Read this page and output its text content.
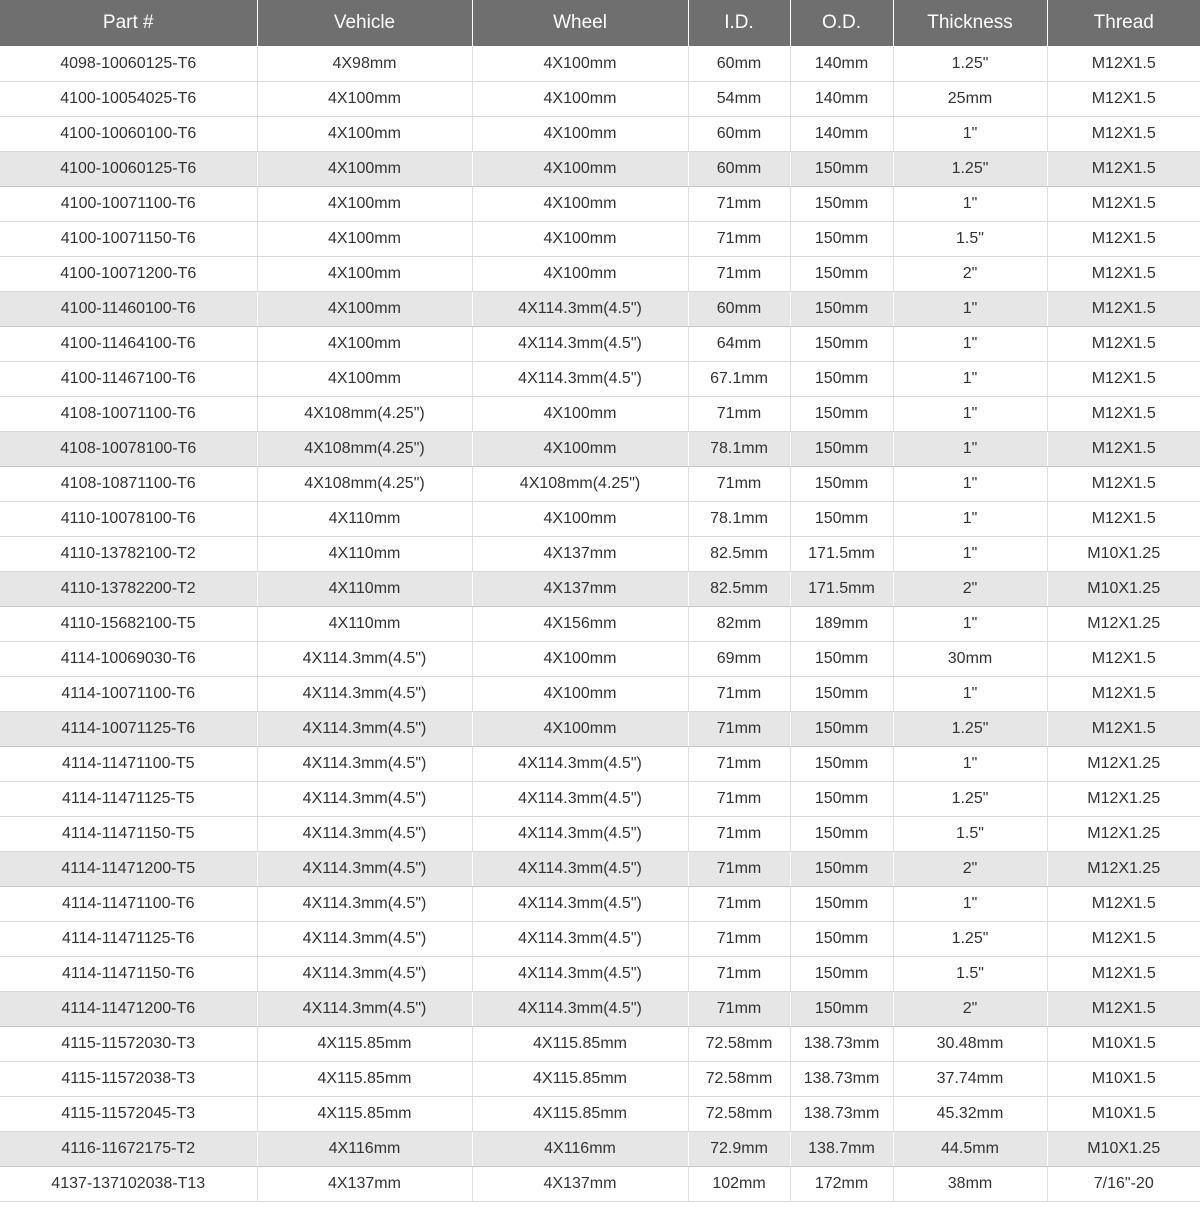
Part #	Vehicle	Wheel	I.D.	O.D.	Thickness	Thread
4098-10060125-T6	4X98mm	4X100mm	60mm	140mm	1.25"	M12X1.5
4100-10054025-T6	4X100mm	4X100mm	54mm	140mm	25mm	M12X1.5
4100-10060100-T6	4X100mm	4X100mm	60mm	140mm	1"	M12X1.5
4100-10060125-T6	4X100mm	4X100mm	60mm	150mm	1.25"	M12X1.5
4100-10071100-T6	4X100mm	4X100mm	71mm	150mm	1"	M12X1.5
4100-10071150-T6	4X100mm	4X100mm	71mm	150mm	1.5"	M12X1.5
4100-10071200-T6	4X100mm	4X100mm	71mm	150mm	2"	M12X1.5
4100-11460100-T6	4X100mm	4X114.3mm(4.5")	60mm	150mm	1"	M12X1.5
4100-11464100-T6	4X100mm	4X114.3mm(4.5")	64mm	150mm	1"	M12X1.5
4100-11467100-T6	4X100mm	4X114.3mm(4.5")	67.1mm	150mm	1"	M12X1.5
4108-10071100-T6	4X108mm(4.25")	4X100mm	71mm	150mm	1"	M12X1.5
4108-10078100-T6	4X108mm(4.25")	4X100mm	78.1mm	150mm	1"	M12X1.5
4108-10871100-T6	4X108mm(4.25")	4X108mm(4.25")	71mm	150mm	1"	M12X1.5
4110-10078100-T6	4X110mm	4X100mm	78.1mm	150mm	1"	M12X1.5
4110-13782100-T2	4X110mm	4X137mm	82.5mm	171.5mm	1"	M10X1.25
4110-13782200-T2	4X110mm	4X137mm	82.5mm	171.5mm	2"	M10X1.25
4110-15682100-T5	4X110mm	4X156mm	82mm	189mm	1"	M12X1.25
4114-10069030-T6	4X114.3mm(4.5")	4X100mm	69mm	150mm	30mm	M12X1.5
4114-10071100-T6	4X114.3mm(4.5")	4X100mm	71mm	150mm	1"	M12X1.5
4114-10071125-T6	4X114.3mm(4.5")	4X100mm	71mm	150mm	1.25"	M12X1.5
4114-11471100-T5	4X114.3mm(4.5")	4X114.3mm(4.5")	71mm	150mm	1"	M12X1.25
4114-11471125-T5	4X114.3mm(4.5")	4X114.3mm(4.5")	71mm	150mm	1.25"	M12X1.25
4114-11471150-T5	4X114.3mm(4.5")	4X114.3mm(4.5")	71mm	150mm	1.5"	M12X1.25
4114-11471200-T5	4X114.3mm(4.5")	4X114.3mm(4.5")	71mm	150mm	2"	M12X1.25
4114-11471100-T6	4X114.3mm(4.5")	4X114.3mm(4.5")	71mm	150mm	1"	M12X1.5
4114-11471125-T6	4X114.3mm(4.5")	4X114.3mm(4.5")	71mm	150mm	1.25"	M12X1.5
4114-11471150-T6	4X114.3mm(4.5")	4X114.3mm(4.5")	71mm	150mm	1.5"	M12X1.5
4114-11471200-T6	4X114.3mm(4.5")	4X114.3mm(4.5")	71mm	150mm	2"	M12X1.5
4115-11572030-T3	4X115.85mm	4X115.85mm	72.58mm	138.73mm	30.48mm	M10X1.5
4115-11572038-T3	4X115.85mm	4X115.85mm	72.58mm	138.73mm	37.74mm	M10X1.5
4115-11572045-T3	4X115.85mm	4X115.85mm	72.58mm	138.73mm	45.32mm	M10X1.5
4116-11672175-T2	4X116mm	4X116mm	72.9mm	138.7mm	44.5mm	M10X1.25
4137-137102038-T13	4X137mm	4X137mm	102mm	172mm	38mm	7/16"-20
